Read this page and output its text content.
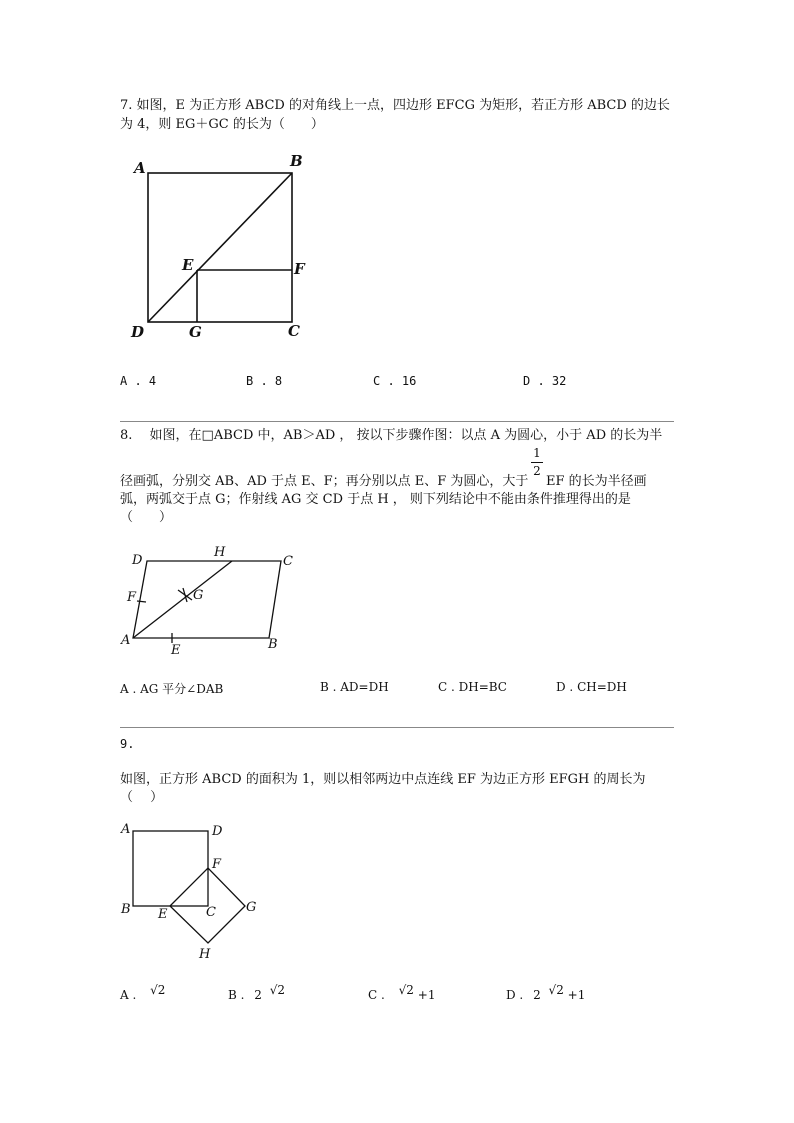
7. 如图，E 为正方形 ABCD 的对角线上一点，四边形 EFCG 为矩形，若正方形 ABCD 的边长
为 4，则 EG＋GC 的长为（　　）
A	B
C
D
E	F
G
A . 4	B . 8	C . 16	D . 32
8.　 如图，在□ABCD 中，AB＞AD ， 按以下步骤作图：以点 A 为圆心，小于 AD 的长为半
1
2
径画弧，分别交 AB、AD 于点 E、F；再分别以点 E、F 为圆心，大于 EF 的长为半径画
弧，两弧交于点 G；作射线 AG 交 CD 于点 H ， 则下列结论中不能由条件推理得出的是
（　　）
A	B
C
D
E
F	G
H
A . AG 平分∠DAB	B . AD=DH	C . DH=BC	D . CH=DH
9.
如图，正方形 ABCD 的面积为 1，则以相邻两边中点连线 EF 为边正方形 EFGH 的周长为
（　 ）
A
B	C
D
E
F
G
H
A . √2	B . 2 √2	C . √2 +1	D . 2 √2 +1
